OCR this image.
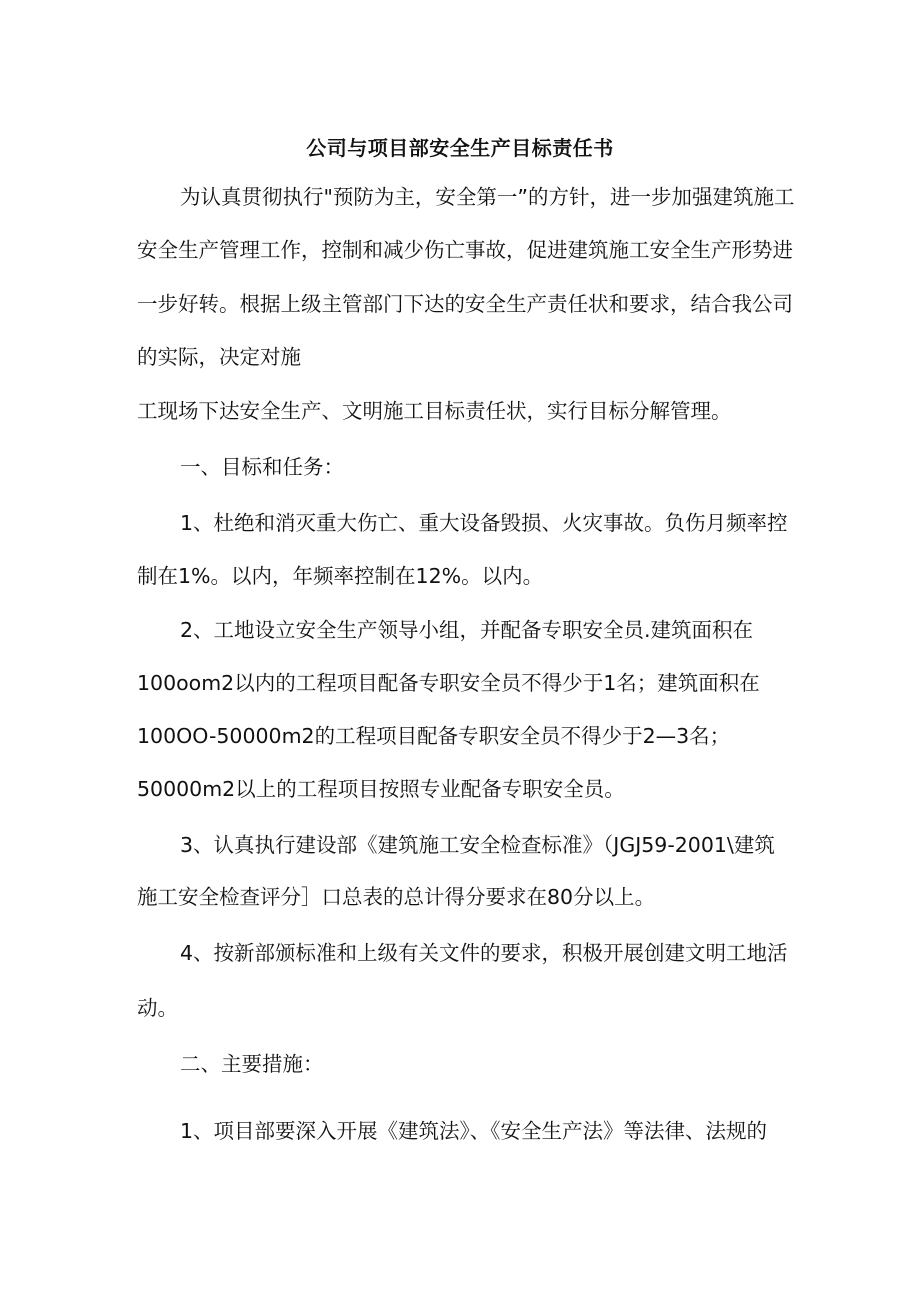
公司与项目部安全生产目标责任书
为认真贯彻执行"预防为主，安全第一”的方针，进一步加强建筑施工
安全生产管理工作，控制和减少伤亡事故，促进建筑施工安全生产形势进
一步好转。根据上级主管部门下达的安全生产责任状和要求，结合我公司
的实际，决定对施
工现场下达安全生产、文明施工目标责任状，实行目标分解管理。
一、目标和任务：
1、杜绝和消灭重大伤亡、重大设备毁损、火灾事故。负伤月频率控
制在1%。以内，年频率控制在12%。以内。
2、工地设立安全生产领导小组，并配备专职安全员.建筑面积在
100oom2以内的工程项目配备专职安全员不得少于1名；建筑面积在
100OO-50000m2的工程项目配备专职安全员不得少于2—3名；
50000m2以上的工程项目按照专业配备专职安全员。
3、认真执行建设部《建筑施工安全检查标准》（JGJ59-2001\建筑
施工安全检查评分］口总表的总计得分要求在80分以上。
4、按新部颁标准和上级有关文件的要求，积极开展创建文明工地活
动。
二、主要措施：
1、项目部要深入开展《建筑法》、《安全生产法》等法律、法规的
